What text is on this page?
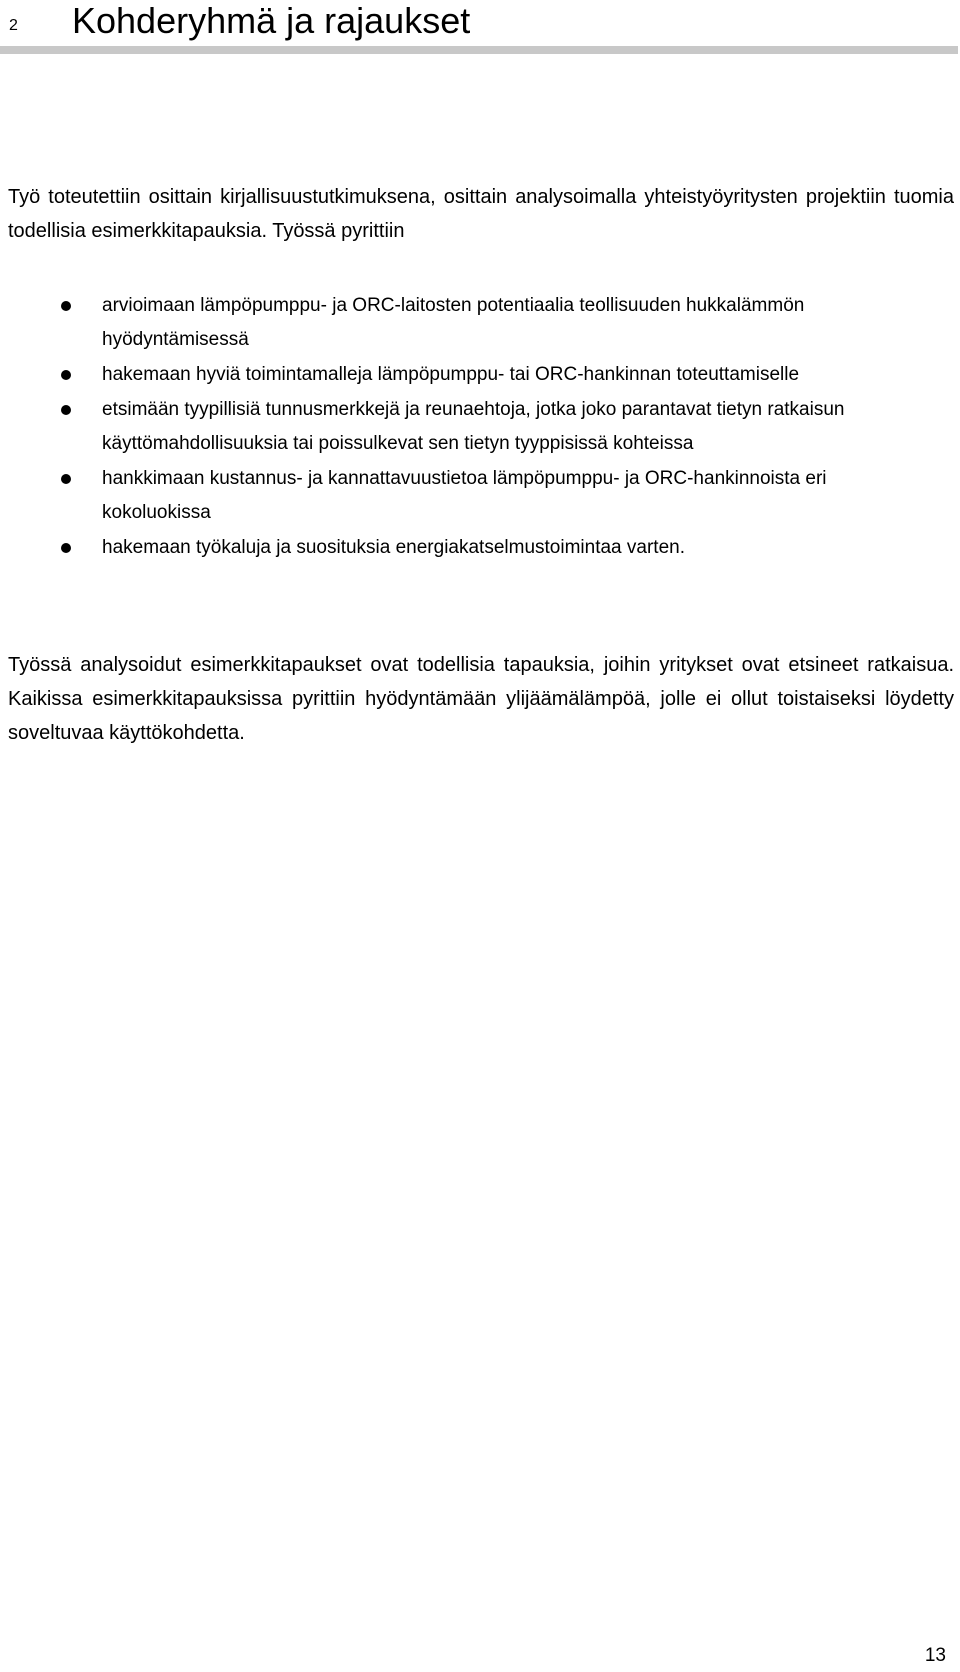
2 Kohderyhmä ja rajaukset

Työ toteutettiin osittain kirjallisuustutkimuksena, osittain analysoimalla yhteistyöyritysten projektiin tuomia todellisia esimerkkitapauksia. Työssä pyrittiin

arvioimaan lämpöpumppu- ja ORC-laitosten potentiaalia teollisuuden hukkalämmön hyödyntämisessä
hakemaan hyviä toimintamalleja lämpöpumppu- tai ORC-hankinnan toteuttamiselle
etsimään tyypillisiä tunnusmerkkejä ja reunaehtoja, jotka joko parantavat tietyn ratkaisun käyttömahdollisuuksia tai poissulkevat sen tietyn tyyppisissä kohteissa
hankkimaan kustannus- ja kannattavuustietoa lämpöpumppu- ja ORC-hankinnoista eri kokoluokissa
hakemaan työkaluja ja suosituksia energiakatselmustoimintaa varten.

Työssä analysoidut esimerkkitapaukset ovat todellisia tapauksia, joihin yritykset ovat etsineet ratkaisua. Kaikissa esimerkkitapauksissa pyrittiin hyödyntämään ylijäämälämpöä, jolle ei ollut toistaiseksi löydetty soveltuvaa käyttökohdetta.

13
